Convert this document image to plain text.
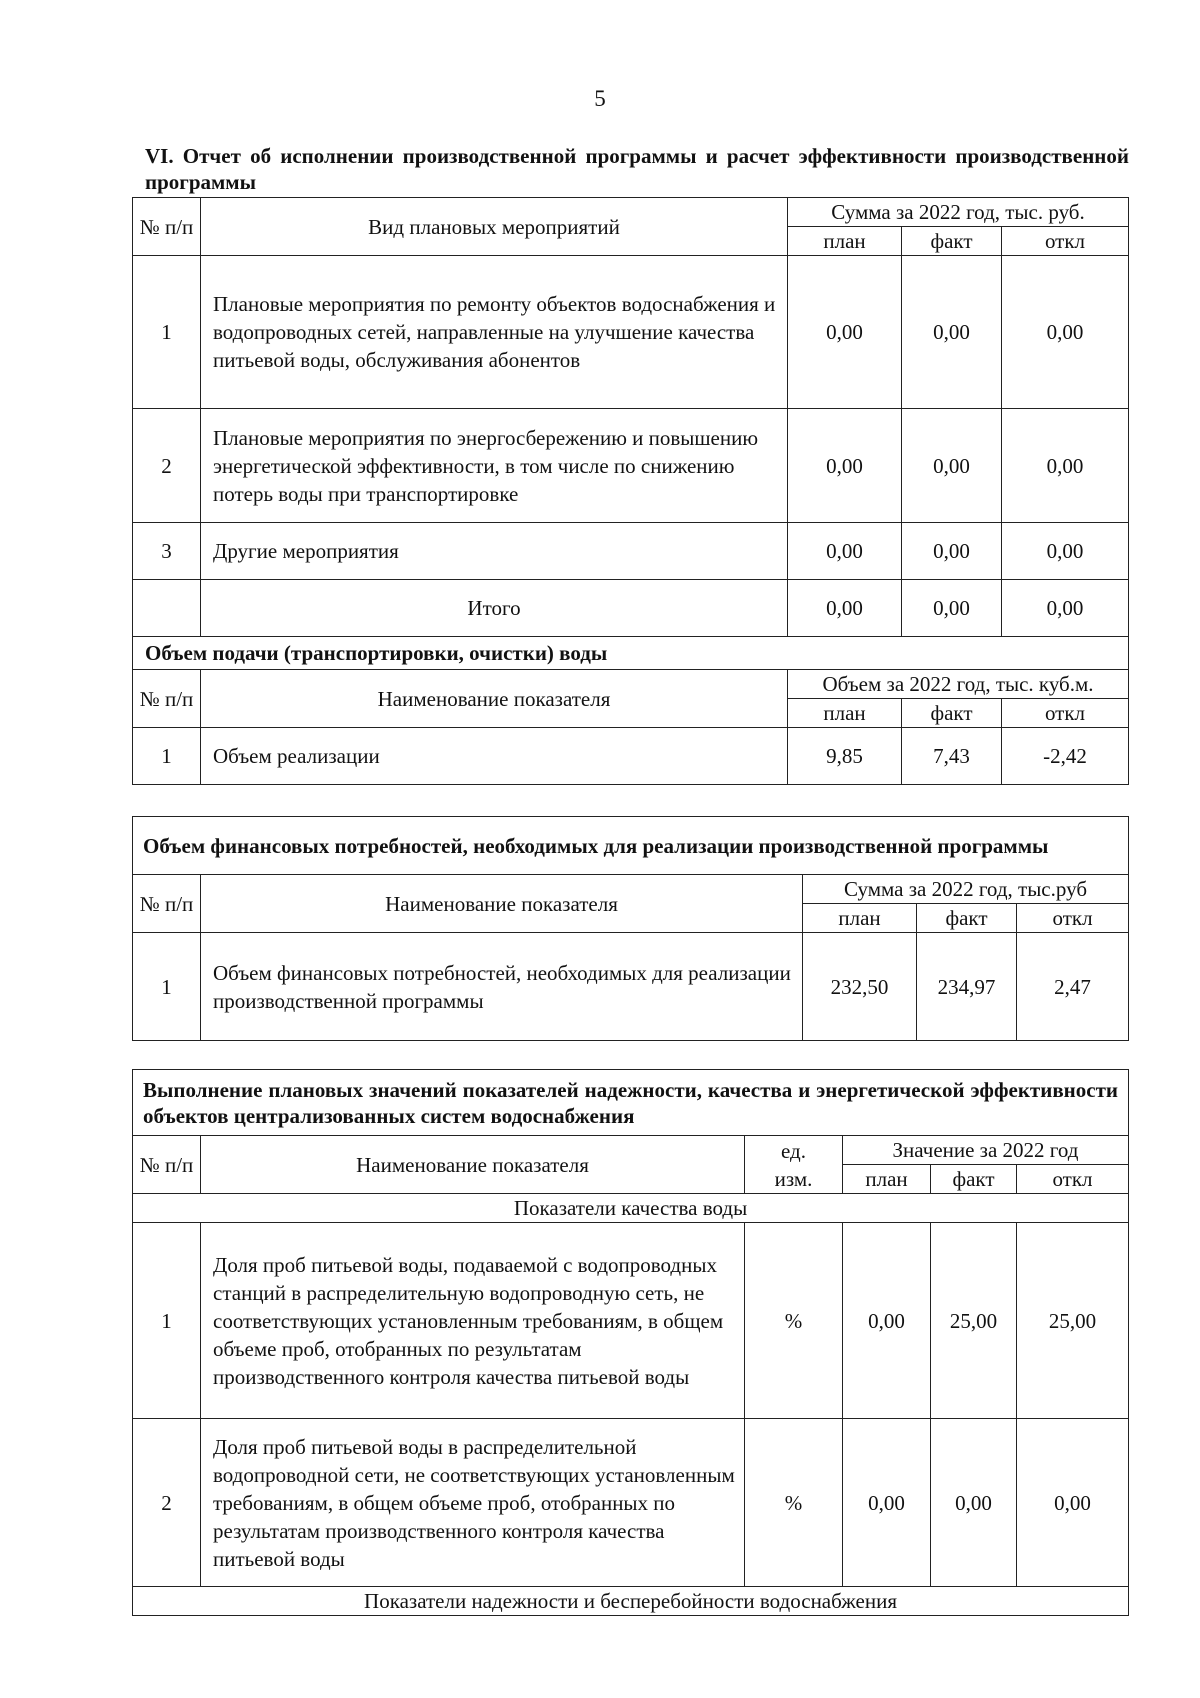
5
VI. Отчет об исполнении производственной программы и расчет эффективности производственной программы
№ п/п	Вид плановых мероприятий	Сумма за 2022 год, тыс. руб.		
		план	факт	откл
1	Плановые мероприятия по ремонту объектов водоснабжения и водопроводных сетей, направленные на улучшение качества питьевой воды, обслуживания абонентов	0,00	0,00	0,00
2	Плановые мероприятия по энергосбережению и повышению энергетической эффективности, в том числе по снижению потерь воды при транспортировке	0,00	0,00	0,00
3	Другие мероприятия	0,00	0,00	0,00
	Итого	0,00	0,00	0,00
Объем подачи (транспортировки, очистки) воды				
№ п/п	Наименование показателя	Объем за 2022 год, тыс. куб.м.		
		план	факт	откл
1	Объем реализации	9,85	7,43	-2,42
Объем финансовых потребностей, необходимых для реализации производственной программы				
№ п/п	Наименование показателя	Сумма за 2022 год, тыс.руб		
		план	факт	откл
1	Объем финансовых потребностей, необходимых для реализации производственной программы	232,50	234,97	2,47
Выполнение плановых значений показателей надежности, качества и энергетической эффективности объектов централизованных систем водоснабжения					
№ п/п	Наименование показателя	ед. изм.	Значение за 2022 год		
			план	факт	откл
Показатели качества воды					
1	Доля проб питьевой воды, подаваемой с водопроводных станций в распределительную водопроводную сеть, не соответствующих установленным требованиям, в общем объеме проб, отобранных по результатам производственного контроля качества питьевой воды	%	0,00	25,00	25,00
2	Доля проб питьевой воды в распределительной водопроводной сети, не соответствующих установленным требованиям, в общем объеме проб, отобранных по результатам производственного контроля качества питьевой воды	%	0,00	0,00	0,00
Показатели надежности и бесперебойности водоснабжения					
